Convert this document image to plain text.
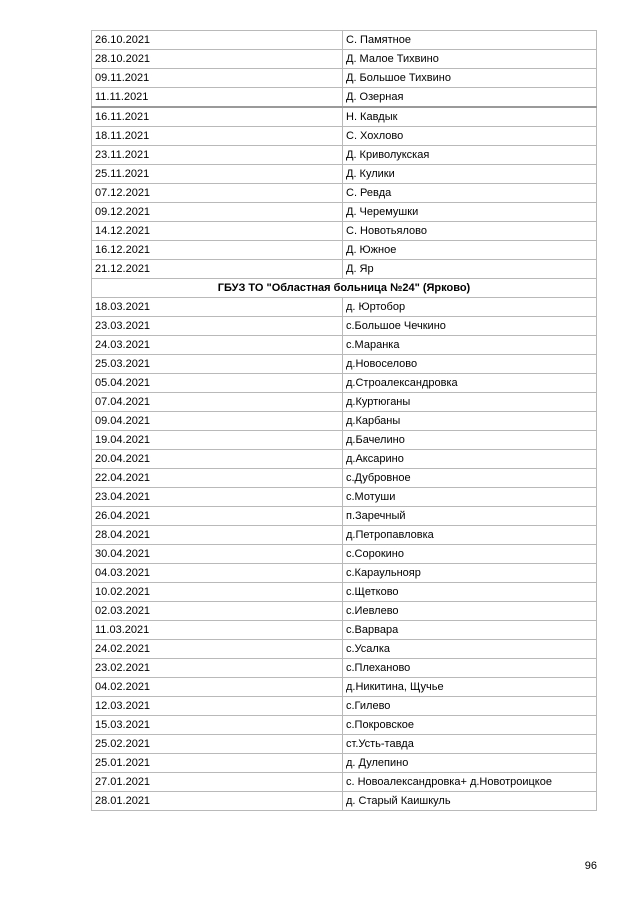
26.10.2021	С. Памятное
28.10.2021	Д. Малое Тихвино
09.11.2021	Д. Большое Тихвино
11.11.2021	Д. Озерная
16.11.2021	Н. Кавдык
18.11.2021	С. Хохлово
23.11.2021	Д. Криволукская
25.11.2021	Д. Кулики
07.12.2021	С. Ревда
09.12.2021	Д. Черемушки
14.12.2021	С. Новотьялово
16.12.2021	Д. Южное
21.12.2021	Д. Яр
ГБУЗ ТО "Областная больница №24" (Ярково)	
18.03.2021	д. Юртобор
23.03.2021	с.Большое Чечкино
24.03.2021	с.Маранка
25.03.2021	д.Новоселово
05.04.2021	д.Строалександровка
07.04.2021	д.Куртюганы
09.04.2021	д.Карбаны
19.04.2021	д.Бачелино
20.04.2021	д.Аксарино
22.04.2021	с.Дубровное
23.04.2021	с.Мотуши
26.04.2021	п.Заречный
28.04.2021	д.Петропавловка
30.04.2021	с.Сорокино
04.03.2021	с.Караульнояр
10.02.2021	с.Щетково
02.03.2021	с.Иевлево
11.03.2021	с.Варвара
24.02.2021	с.Усалка
23.02.2021	с.Плеханово
04.02.2021	д.Никитина, Щучье
12.03.2021	с.Гилево
15.03.2021	с.Покровское
25.02.2021	ст.Усть-тавда
25.01.2021	д. Дулепино
27.01.2021	с. Новоалександровка+ д.Новотроицкое
28.01.2021	д. Старый Каишкуль
96
